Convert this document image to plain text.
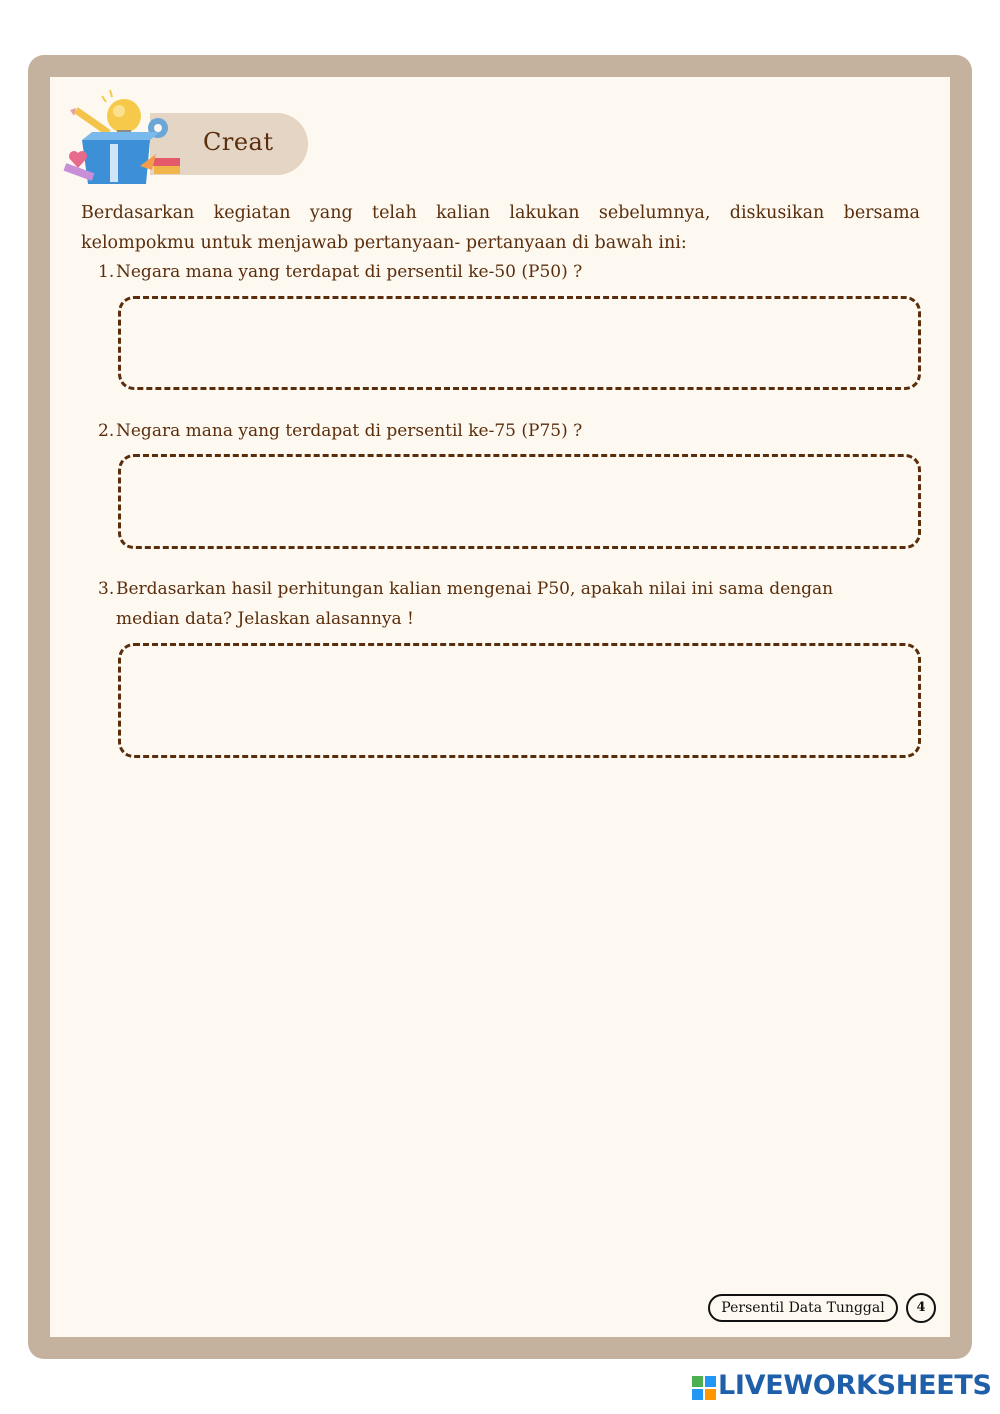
Creat
Berdasarkan kegiatan yang telah kalian lakukan sebelumnya, diskusikan bersama kelompokmu untuk menjawab pertanyaan- pertanyaan di bawah ini:
1. Negara mana yang terdapat di persentil ke-50 (P50) ?
2. Negara mana yang terdapat di persentil ke-75 (P75) ?
3. Berdasarkan hasil perhitungan kalian mengenai P50, apakah nilai ini sama dengan median data? Jelaskan alasannya !
Persentil Data Tunggal	4
LIVEWORKSHEETS
